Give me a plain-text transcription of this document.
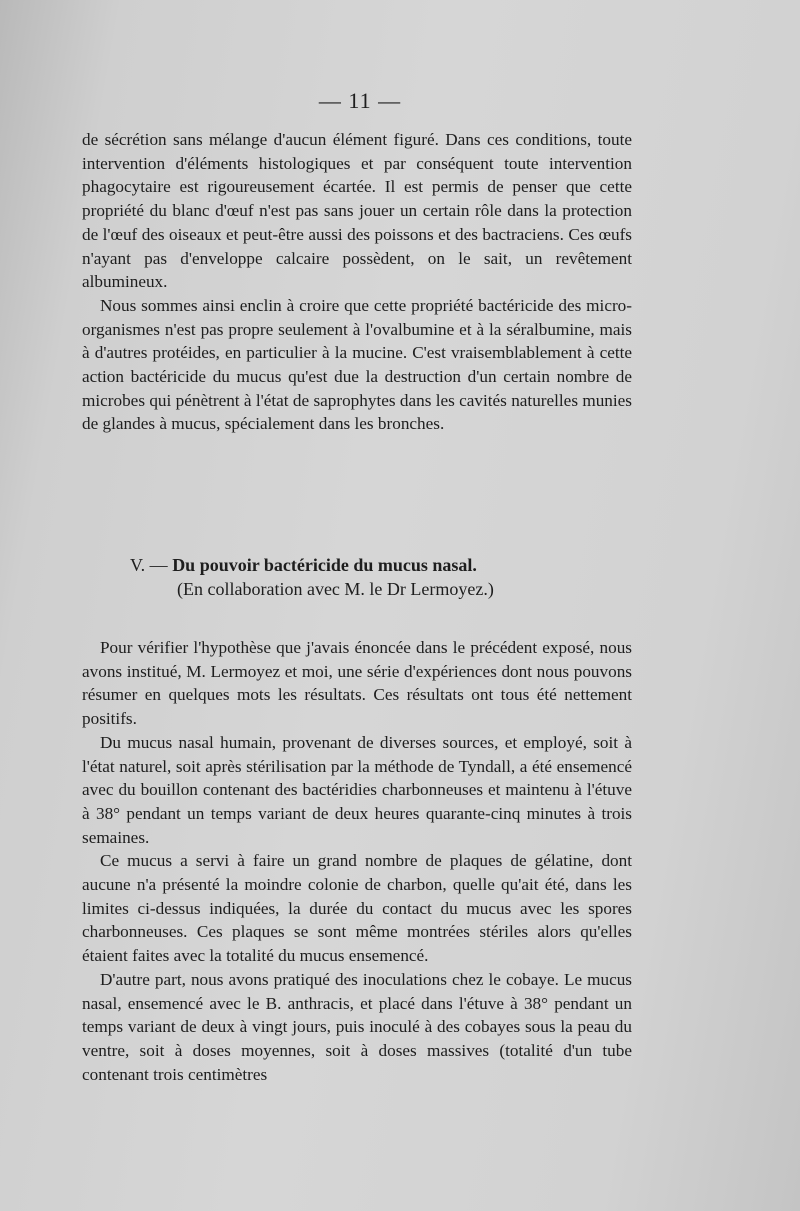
— 11 —

de sécrétion sans mélange d'aucun élément figuré. Dans ces conditions, toute intervention d'éléments histologiques et par conséquent toute intervention phagocytaire est rigoureusement écartée. Il est permis de penser que cette propriété du blanc d'œuf n'est pas sans jouer un certain rôle dans la protection de l'œuf des oiseaux et peut-être aussi des poissons et des bactraciens. Ces œufs n'ayant pas d'enveloppe calcaire possèdent, on le sait, un revêtement albumineux.

Nous sommes ainsi enclin à croire que cette propriété bactéricide des micro-organismes n'est pas propre seulement à l'ovalbumine et à la séralbumine, mais à d'autres protéides, en particulier à la mucine. C'est vraisemblablement à cette action bactéricide du mucus qu'est due la destruction d'un certain nombre de microbes qui pénètrent à l'état de saprophytes dans les cavités naturelles munies de glandes à mucus, spécialement dans les bronches.

V. — Du pouvoir bactéricide du mucus nasal.
(En collaboration avec M. le Dr Lermoyez.)

Pour vérifier l'hypothèse que j'avais énoncée dans le précédent exposé, nous avons institué, M. Lermoyez et moi, une série d'expériences dont nous pouvons résumer en quelques mots les résultats. Ces résultats ont tous été nettement positifs.

Du mucus nasal humain, provenant de diverses sources, et employé, soit à l'état naturel, soit après stérilisation par la méthode de Tyndall, a été ensemencé avec du bouillon contenant des bactéridies charbonneuses et maintenu à l'étuve à 38° pendant un temps variant de deux heures quarante-cinq minutes à trois semaines.

Ce mucus a servi à faire un grand nombre de plaques de gélatine, dont aucune n'a présenté la moindre colonie de charbon, quelle qu'ait été, dans les limites ci-dessus indiquées, la durée du contact du mucus avec les spores charbonneuses. Ces plaques se sont même montrées stériles alors qu'elles étaient faites avec la totalité du mucus ensemencé.

D'autre part, nous avons pratiqué des inoculations chez le cobaye. Le mucus nasal, ensemencé avec le B. anthracis, et placé dans l'étuve à 38° pendant un temps variant de deux à vingt jours, puis inoculé à des cobayes sous la peau du ventre, soit à doses moyennes, soit à doses massives (totalité d'un tube contenant trois centimètres
